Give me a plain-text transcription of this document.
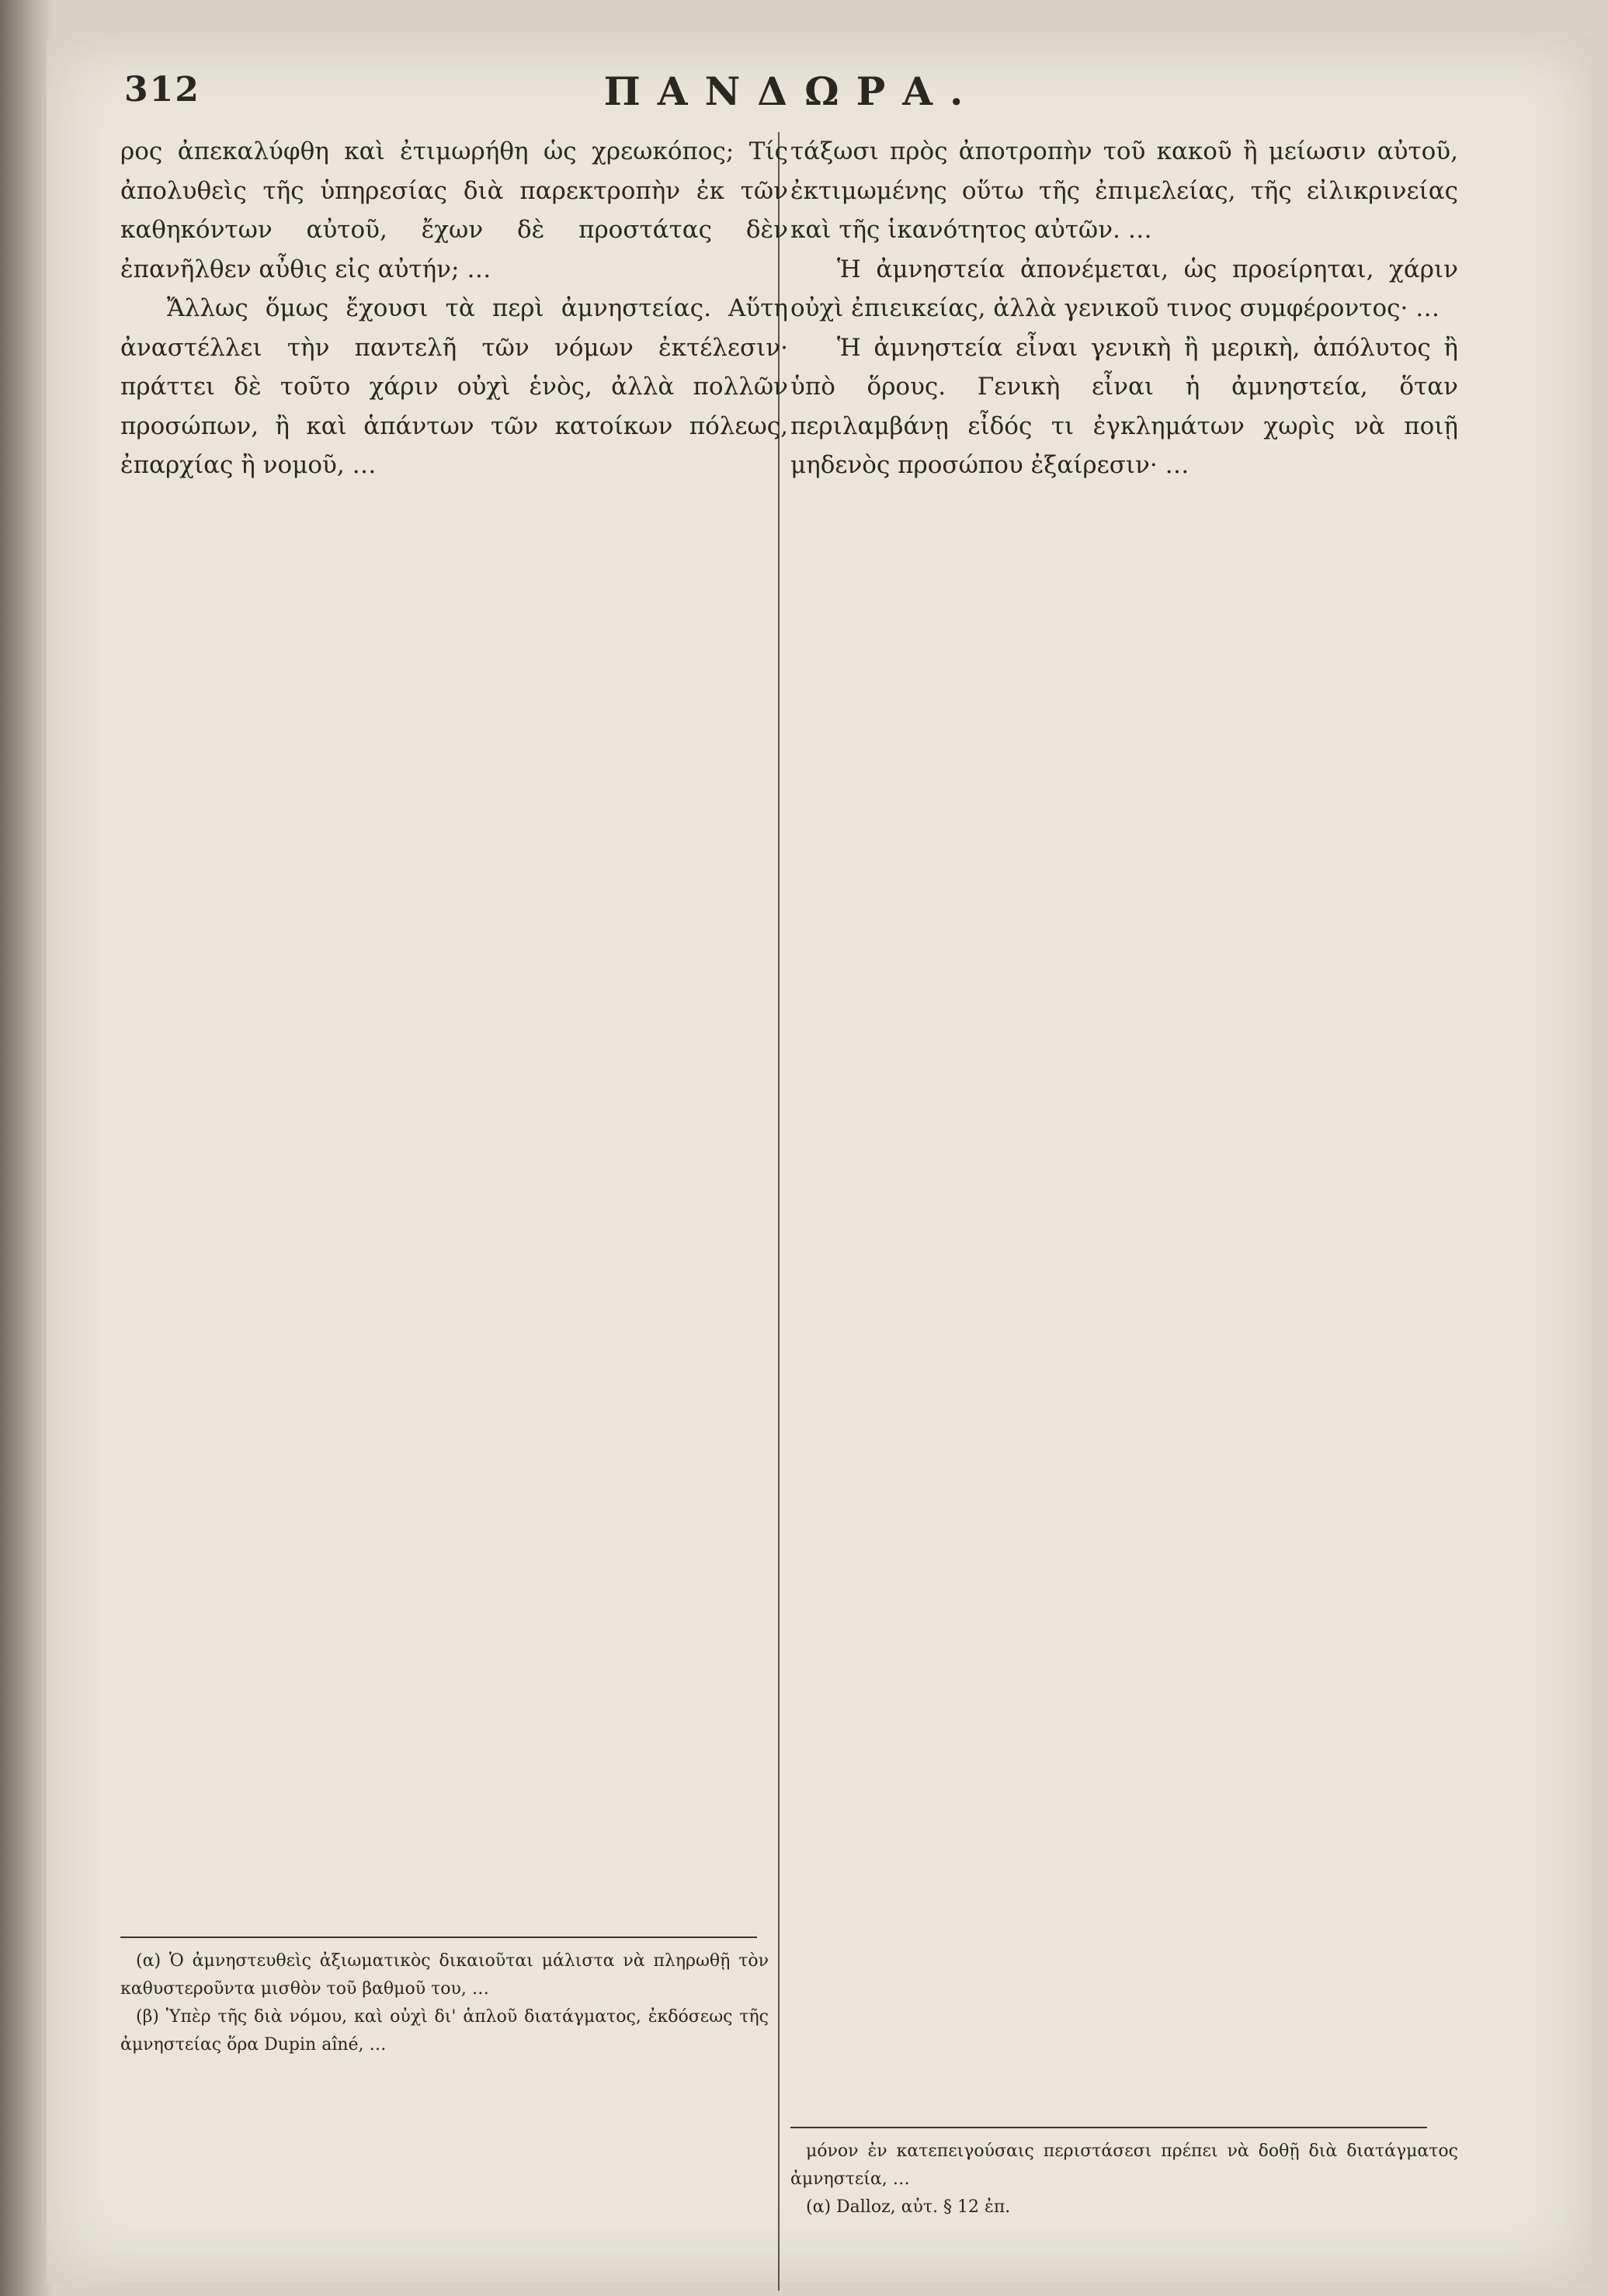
312	ΠΑΝΔΩΡΑ.

ρος ἀπεκαλύφθη καὶ ἐτιμωρήθη ὡς χρεωκόπος; Τίς ἀπολυθεὶς τῆς ὑπηρεσίας διὰ παρεκτροπὴν ἐκ τῶν καθηκόντων αὐτοῦ, ἔχων δὲ προστάτας δὲν ἐπανῆλθεν αὖθις εἰς αὐτήν; …

Ἄλλως ὅμως ἔχουσι τὰ περὶ ἀμνηστείας. Αὕτη ἀναστέλλει τὴν παντελῆ τῶν νόμων ἐκτέλεσιν· πράττει δὲ τοῦτο χάριν οὐχὶ ἑνὸς, ἀλλὰ πολλῶν προσώπων, ἢ καὶ ἁπάντων τῶν κατοίκων πόλεως, ἐπαρχίας ἢ νομοῦ, …

(α) Ὁ ἀμνηστευθεὶς ἀξιωματικὸς δικαιοῦται μάλιστα νὰ πληρωθῇ τὸν καθυστεροῦντα μισθὸν τοῦ βαθμοῦ του, …

(β) Ὑπὲρ τῆς διὰ νόμου, καὶ οὐχὶ δι' ἁπλοῦ διατάγματος, ἐκδόσεως τῆς ἀμνηστείας ὅρα Dupin aîné, …

τάξωσι πρὸς ἀποτροπὴν τοῦ κακοῦ ἢ μείωσιν αὐτοῦ, ἐκτιμωμένης οὕτω τῆς ἐπιμελείας, τῆς εἰλικρινείας καὶ τῆς ἱκανότητος αὐτῶν. …

Ἡ ἀμνηστεία ἀπονέμεται, ὡς προείρηται, χάριν οὐχὶ ἐπιεικείας, ἀλλὰ γενικοῦ τινος συμφέροντος· …

Ἡ ἀμνηστεία εἶναι γενικὴ ἢ μερικὴ, ἀπόλυτος ἢ ὑπὸ ὅρους. Γενικὴ εἶναι ἡ ἀμνηστεία, ὅταν περιλαμβάνῃ εἶδός τι ἐγκλημάτων χωρὶς νὰ ποιῇ μηδενὸς προσώπου ἐξαίρεσιν· …

μόνον ἐν κατεπειγούσαις περιστάσεσι πρέπει νὰ δοθῇ διὰ διατάγματος ἀμνηστεία, …

(α) Dalloz, αὐτ. § 12 ἐπ.
